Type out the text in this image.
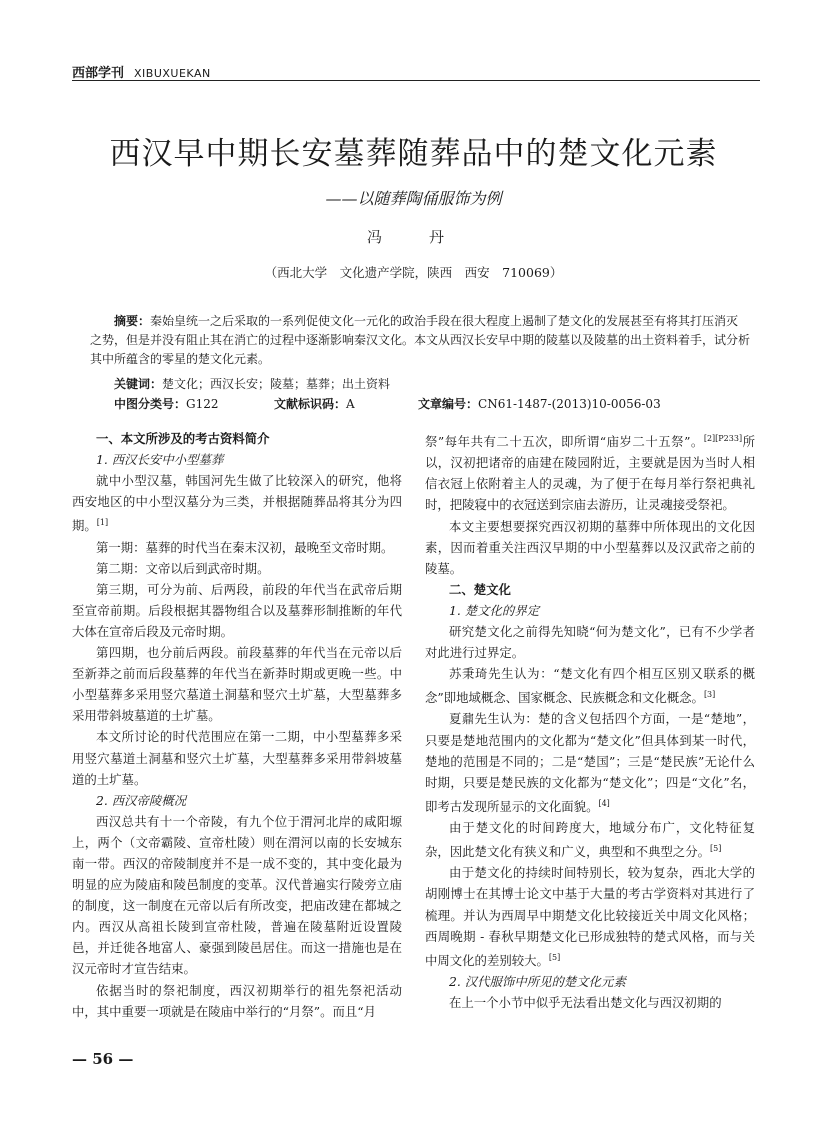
西部学刊 XIBUXUEKAN
西汉早中期长安墓葬随葬品中的楚文化元素
——以随葬陶俑服饰为例
冯　丹
（西北大学　文化遗产学院，陕西　西安　710069）
摘要：秦始皇统一之后采取的一系列促使文化一元化的政治手段在很大程度上遏制了楚文化的发展甚至有将其打压消灭之势，但是并没有阻止其在消亡的过程中逐渐影响秦汉文化。本文从西汉长安早中期的陵墓以及陵墓的出土资料着手，试分析其中所蕴含的零星的楚文化元素。
关键词：楚文化；西汉长安；陵墓；墓葬；出土资料
中图分类号：G122	文献标识码：A	文章编号：CN61-1487-(2013)10-0056-03

一、本文所涉及的考古资料简介

1. 西汉长安中小型墓葬

就中小型汉墓，韩国河先生做了比较深入的研究，他将西安地区的中小型汉墓分为三类，并根据随葬品将其分为四期。[1]

第一期：墓葬的时代当在秦末汉初，最晚至文帝时期。

第二期：文帝以后到武帝时期。

第三期，可分为前、后两段，前段的年代当在武帝后期至宣帝前期。后段根据其器物组合以及墓葬形制推断的年代大体在宣帝后段及元帝时期。

第四期，也分前后两段。前段墓葬的年代当在元帝以后至新莽之前而后段墓葬的年代当在新莽时期或更晚一些。中小型墓葬多采用竖穴墓道土洞墓和竖穴土圹墓，大型墓葬多采用带斜坡墓道的土圹墓。

本文所讨论的时代范围应在第一二期，中小型墓葬多采用竖穴墓道土洞墓和竖穴土圹墓，大型墓葬多采用带斜坡墓道的土圹墓。

2. 西汉帝陵概况

西汉总共有十一个帝陵，有九个位于渭河北岸的咸阳塬上，两个（文帝霸陵、宣帝杜陵）则在渭河以南的长安城东南一带。西汉的帝陵制度并不是一成不变的，其中变化最为明显的应为陵庙和陵邑制度的变革。汉代普遍实行陵旁立庙的制度，这一制度在元帝以后有所改变，把庙改建在都城之内。西汉从高祖长陵到宣帝杜陵，普遍在陵墓附近设置陵邑，并迁徙各地富人、豪强到陵邑居住。而这一措施也是在汉元帝时才宣告结束。

依据当时的祭祀制度，西汉初期举行的祖先祭祀活动中，其中重要一项就是在陵庙中举行的“月祭”。而且“月

祭”每年共有二十五次，即所谓“庙岁二十五祭”。[2][P233]所以，汉初把诸帝的庙建在陵园附近，主要就是因为当时人相信衣冠上依附着主人的灵魂，为了便于在每月举行祭祀典礼时，把陵寝中的衣冠送到宗庙去游历，让灵魂接受祭祀。

本文主要想要探究西汉初期的墓葬中所体现出的文化因素，因而着重关注西汉早期的中小型墓葬以及汉武帝之前的陵墓。

二、楚文化

1. 楚文化的界定

研究楚文化之前得先知晓“何为楚文化”，已有不少学者对此进行过界定。

苏秉琦先生认为：“楚文化有四个相互区别又联系的概念”即地域概念、国家概念、民族概念和文化概念。[3]

夏鼐先生认为：楚的含义包括四个方面，一是“楚地”，只要是楚地范围内的文化都为“楚文化”但具体到某一时代，楚地的范围是不同的；二是“楚国”；三是“楚民族”无论什么时期，只要是楚民族的文化都为“楚文化”；四是“文化”名，即考古发现所显示的文化面貌。[4]

由于楚文化的时间跨度大，地域分布广，文化特征复杂，因此楚文化有狭义和广义，典型和不典型之分。[5]

由于楚文化的持续时间特别长，较为复杂，西北大学的胡刚博士在其博士论文中基于大量的考古学资料对其进行了梳理。并认为西周早中期楚文化比较接近关中周文化风格；西周晚期 - 春秋早期楚文化已形成独特的楚式风格，而与关中周文化的差别较大。[5]

2. 汉代服饰中所见的楚文化元素

在上一个小节中似乎无法看出楚文化与西汉初期的

— 56 —
